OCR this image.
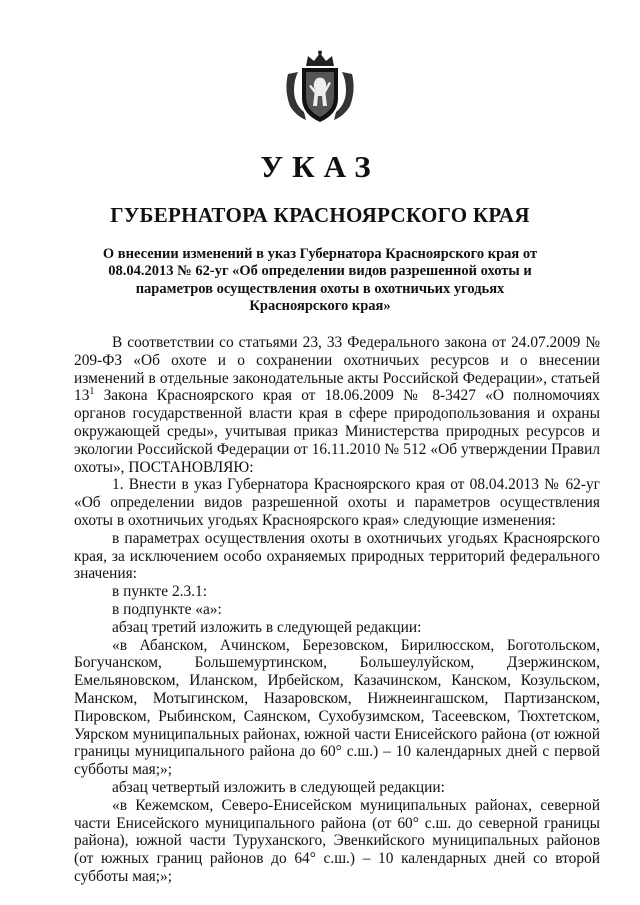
УКАЗ
ГУБЕРНАТОРА КРАСНОЯРСКОГО КРАЯ

О внесении изменений в указ Губернатора Красноярского края от 08.04.2013 № 62-уг «Об определении видов разрешенной охоты и параметров осуществления охоты в охотничьих угодьях Красноярского края»

В соответствии со статьями 23, 33 Федерального закона от 24.07.2009 № 209-ФЗ «Об охоте и о сохранении охотничьих ресурсов и о внесении изменений в отдельные законодательные акты Российской Федерации», статьей $13^1$ Закона Красноярского края от 18.06.2009 № 8-3427 «О полномочиях органов государственной власти края в сфере природопользования и охраны окружающей среды», учитывая приказ Министерства природных ресурсов и экологии Российской Федерации от 16.11.2010 № 512 «Об утверждении Правил охоты», ПОСТАНОВЛЯЮ:

1. Внести в указ Губернатора Красноярского края от 08.04.2013 № 62-уг «Об определении видов разрешенной охоты и параметров осуществления охоты в охотничьих угодьях Красноярского края» следующие изменения:

в параметрах осуществления охоты в охотничьих угодьях Красноярского края, за исключением особо охраняемых природных территорий федерального значения:

в пункте 2.3.1:

в подпункте «а»:

абзац третий изложить в следующей редакции:

«в Абанском, Ачинском, Березовском, Бирилюсском, Боготольском, Богучанском, Большемуртинском, Большеулуйском, Дзержинском, Емельяновском, Иланском, Ирбейском, Казачинском, Канском, Козульском, Манском, Мотыгинском, Назаровском, Нижнеингашском, Партизанском, Пировском, Рыбинском, Саянском, Сухобузимском, Тасеевском, Тюхтетском, Уярском муниципальных районах, южной части Енисейского района (от южной границы муниципального района до 60° с.ш.) – 10 календарных дней с первой субботы мая;»;

абзац четвертый изложить в следующей редакции:

«в Кежемском, Северо-Енисейском муниципальных районах, северной части Енисейского муниципального района (от 60° с.ш. до северной границы района), южной части Туруханского, Эвенкийского муниципальных районов (от южных границ районов до 64° с.ш.) – 10 календарных дней со второй субботы мая;»;
